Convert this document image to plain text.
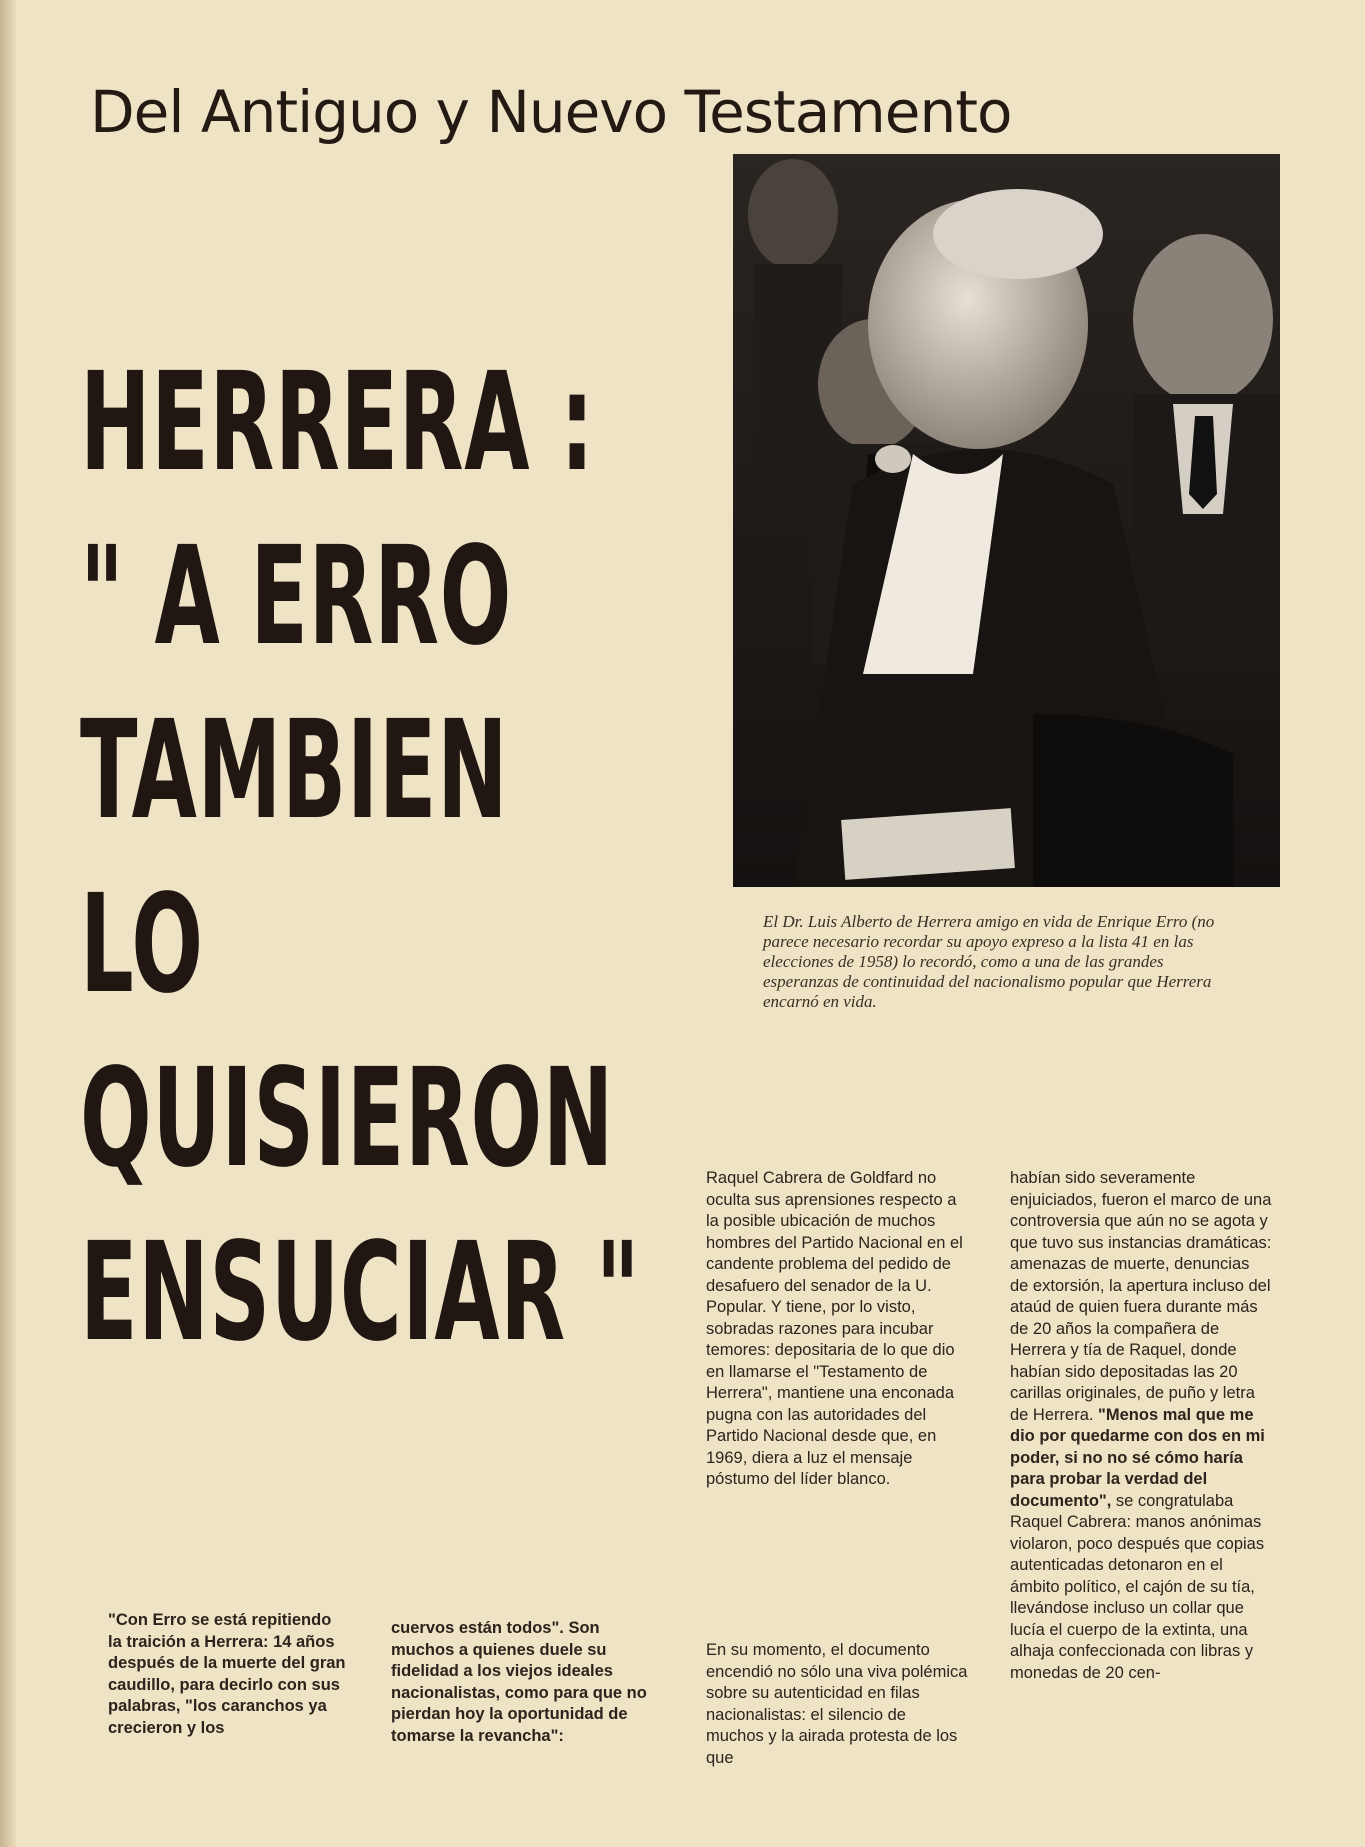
Del Antiguo y Nuevo Testamento
HERRERA :
" A ERRO
TAMBIEN
LO
QUISIERON
ENSUCIAR "
El Dr. Luis Alberto de Herrera amigo en vida de Enrique Erro (no parece necesario recordar su apoyo expreso a la lista 41 en las elecciones de 1958) lo recordó, como a una de las grandes esperanzas de continuidad del nacionalismo popular que Herrera encarnó en vida.
"Con Erro se está repitiendo la traición a Herrera: 14 años después de la muerte del gran caudillo, para decirlo con sus palabras, "los caranchos ya crecieron y los
cuervos están todos". Son muchos a quienes duele su fidelidad a los viejos ideales nacionalistas, como para que no pierdan hoy la oportunidad de tomarse la revancha":
Raquel Cabrera de Goldfard no oculta sus aprensiones respecto a la posible ubicación de muchos hombres del Partido Nacional en el candente problema del pedido de desafuero del senador de la U. Popular. Y tiene, por lo visto, sobradas razones para incubar temores: depositaria de lo que dio en llamarse el "Testamento de Herrera", mantiene una enconada pugna con las autoridades del Partido Nacional desde que, en 1969, diera a luz el mensaje póstumo del líder blanco.
En su momento, el documento encendió no sólo una viva polémica sobre su autenticidad en filas nacionalistas: el silencio de muchos y la airada protesta de los que
habían sido severamente enjuiciados, fueron el marco de una controversia que aún no se agota y que tuvo sus instancias dramáticas: amenazas de muerte, denuncias de extorsión, la apertura incluso del ataúd de quien fuera durante más de 20 años la compañera de Herrera y tía de Raquel, donde habían sido depositadas las 20 carillas originales, de puño y letra de Herrera. "Menos mal que me dio por quedarme con dos en mi poder, si no no sé cómo haría para probar la verdad del documento", se congratulaba Raquel Cabrera: manos anónimas violaron, poco después que copias autenticadas detonaron en el ámbito político, el cajón de su tía, llevándose incluso un collar que lucía el cuerpo de la extinta, una alhaja confeccionada con libras y monedas de 20 cen-
